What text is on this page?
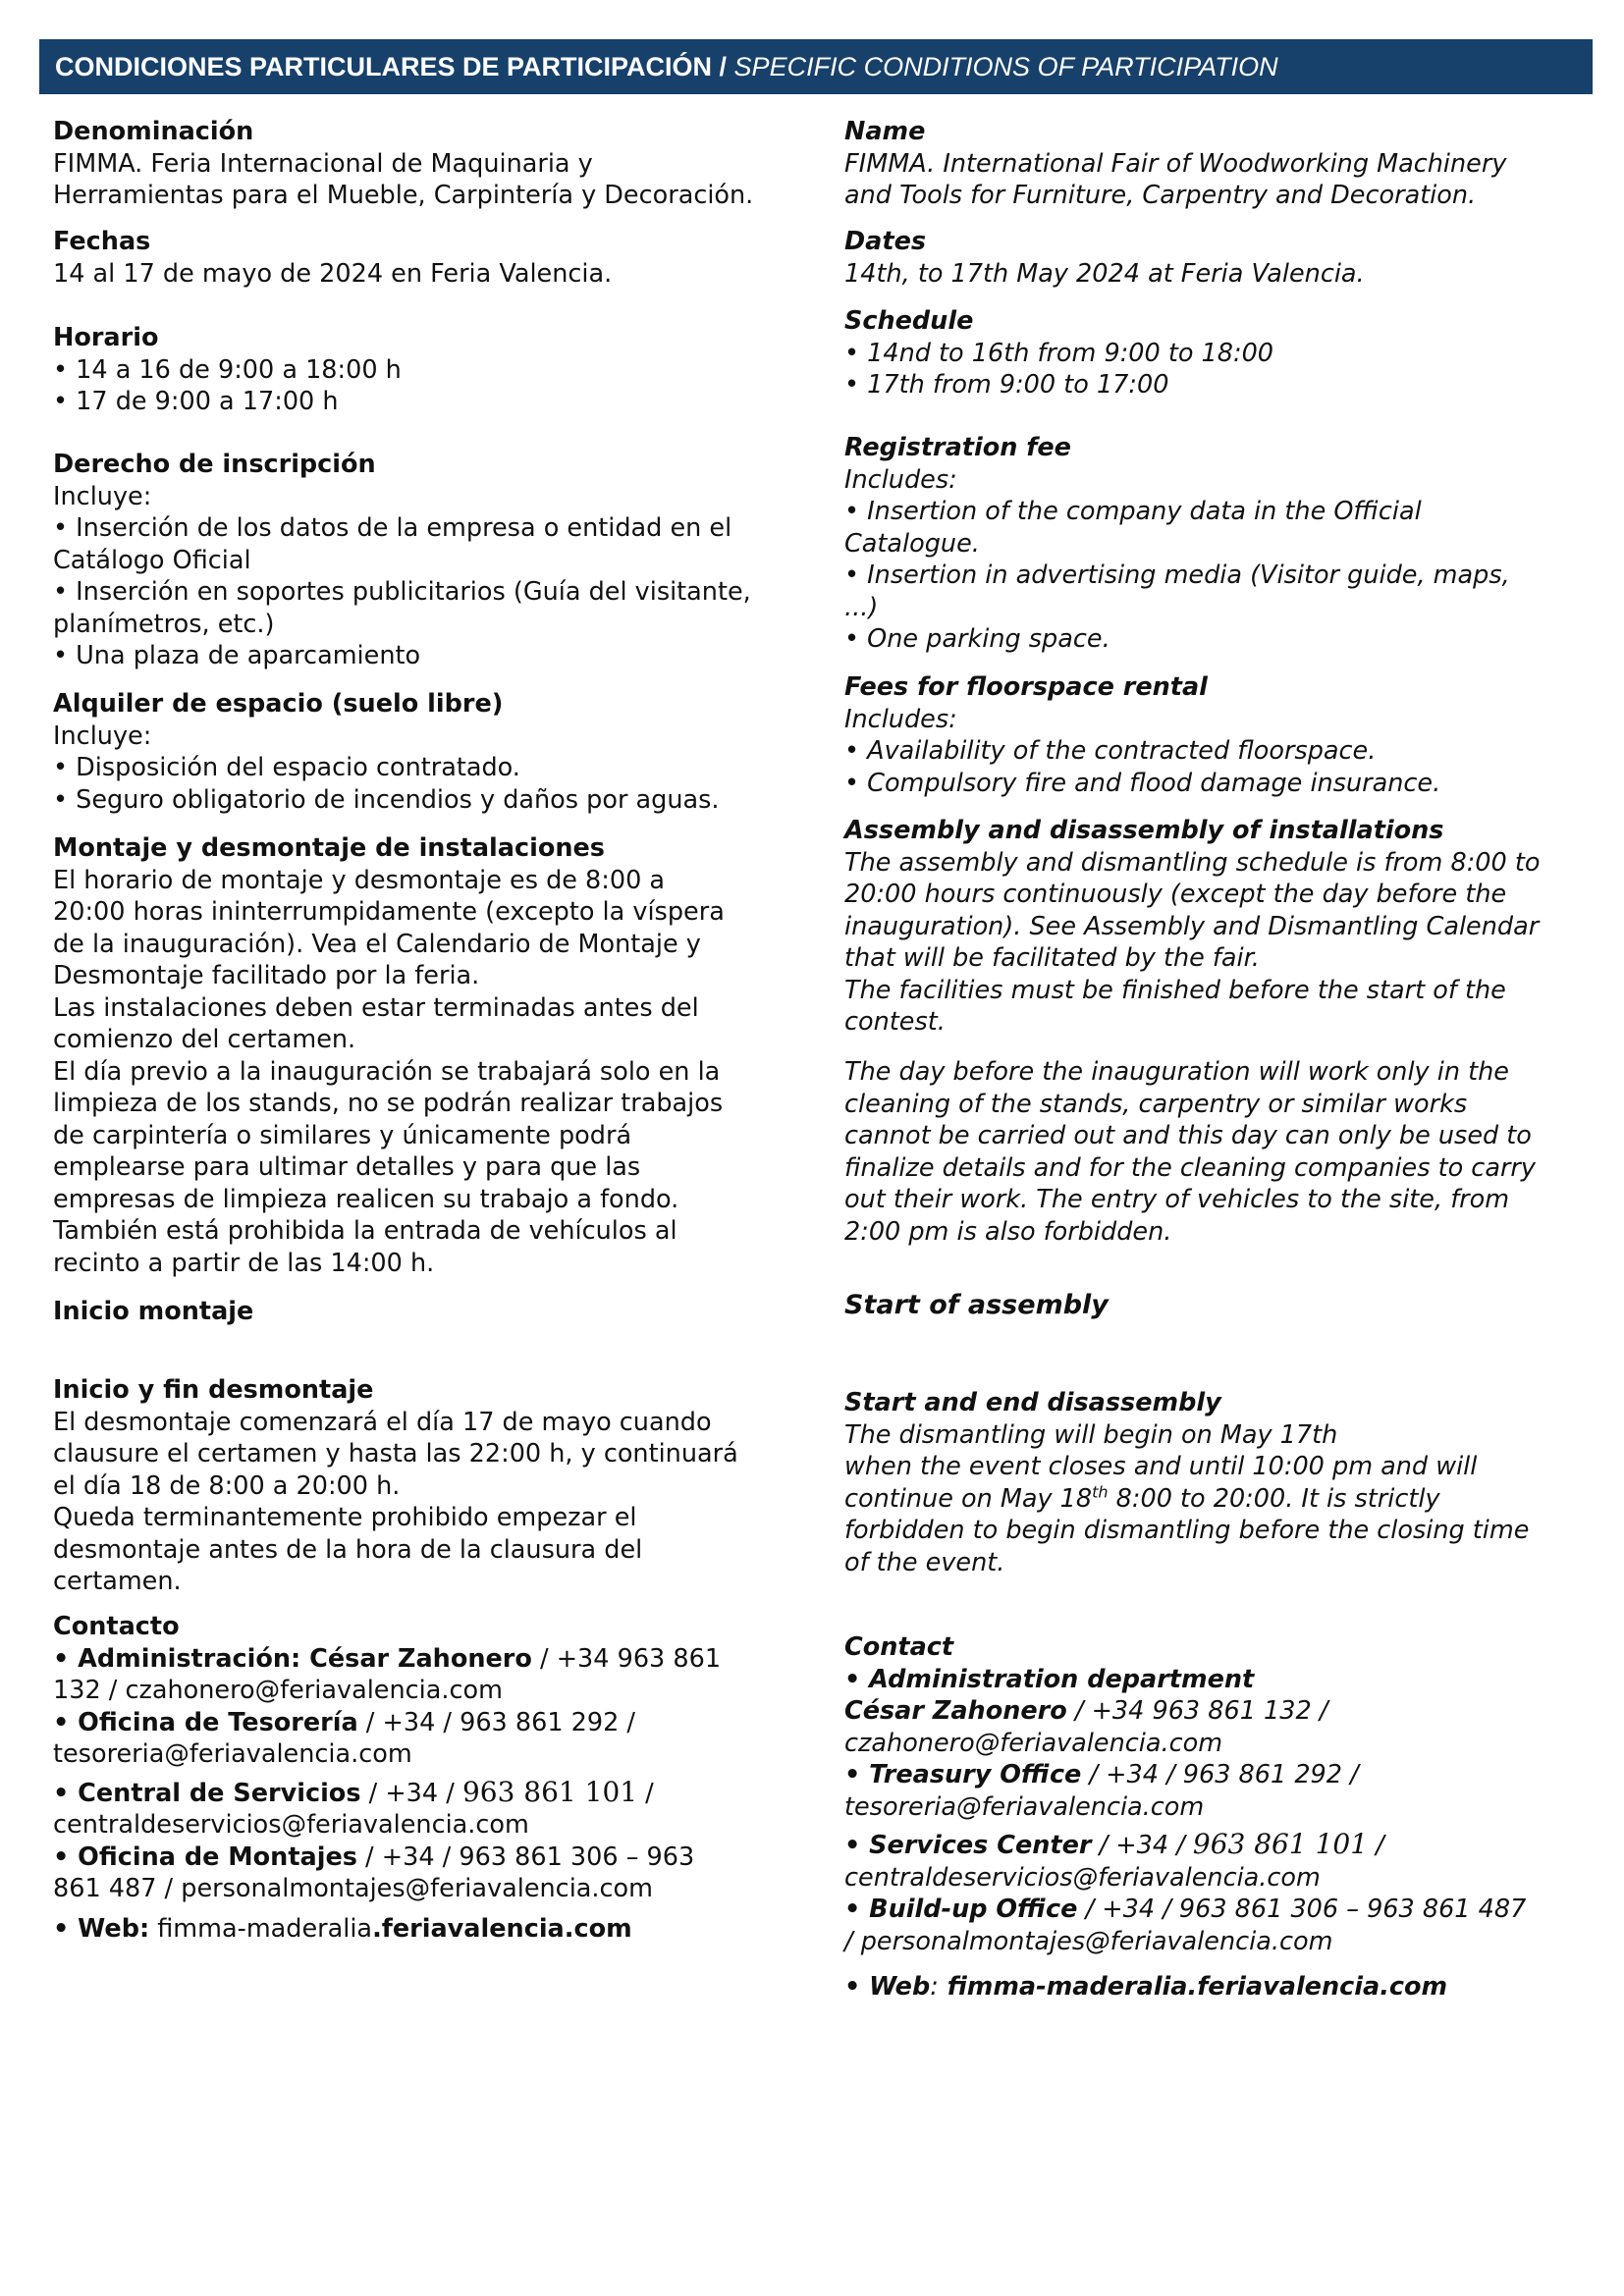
CONDICIONES PARTICULARES DE PARTICIPACIÓN /
SPECIFIC CONDITIONS OF PARTICIPATION
Denominación
FIMMA. Feria Internacional de Maquinaria y
Herramientas para el Mueble, Carpintería y Decoración.
Fechas
14 al 17 de mayo de 2024 en Feria Valencia.
Horario
• 14 a 16 de 9:00 a 18:00 h
• 17 de 9:00 a 17:00 h
Derecho de inscripción
Incluye:
• Inserción de los datos de la empresa o entidad en el
Catálogo Oficial
• Inserción en soportes publicitarios (Guía del visitante,
planímetros, etc.)
• Una plaza de aparcamiento
Alquiler de espacio (suelo libre)
Incluye:
• Disposición del espacio contratado.
• Seguro obligatorio de incendios y daños por aguas.
Montaje y desmontaje de instalaciones
El horario de montaje y desmontaje es de 8:00 a
20:00 horas ininterrumpidamente (excepto la víspera
de la inauguración). Vea el Calendario de Montaje y
Desmontaje facilitado por la feria.
Las instalaciones deben estar terminadas antes del
comienzo del certamen.
El día previo a la inauguración se trabajará solo en la
limpieza de los stands, no se podrán realizar trabajos
de carpintería o similares y únicamente podrá
emplearse para ultimar detalles y para que las
empresas de limpieza realicen su trabajo a fondo.
También está prohibida la entrada de vehículos al
recinto a partir de las 14:00 h.
Inicio montaje
Inicio y fin desmontaje
El desmontaje comenzará el día 17 de mayo cuando
clausure el certamen y hasta las 22:00 h, y continuará
el día 18 de 8:00 a 20:00 h.
Queda terminantemente prohibido empezar el
desmontaje antes de la hora de la clausura del
certamen.
Contacto
• Administración: César Zahonero / +34 963 861
132 / czahonero@feriavalencia.com
• Oficina de Tesorería / +34 / 963 861 292 /
tesoreria@feriavalencia.com
• Central de Servicios / +34 / 963 861 101 /
centraldeservicios@feriavalencia.com
• Oficina de Montajes / +34 / 963 861 306 – 963
861 487 / personalmontajes@feriavalencia.com
• Web: fimma-maderalia.feriavalencia.com
Name
FIMMA. International Fair of Woodworking Machinery
and Tools for Furniture, Carpentry and Decoration.
Dates
14th, to 17th May 2024 at Feria Valencia.
Schedule
• 14nd to 16th from 9:00 to 18:00
• 17th from 9:00 to 17:00
Registration fee
Includes:
• Insertion of the company data in the Official
Catalogue.
• Insertion in advertising media (Visitor guide, maps,
...)
• One parking space.
Fees for floorspace rental
Includes:
• Availability of the contracted floorspace.
• Compulsory fire and flood damage insurance.
Assembly and disassembly of installations
The assembly and dismantling schedule is from 8:00 to
20:00 hours continuously (except the day before the
inauguration). See Assembly and Dismantling Calendar
that will be facilitated by the fair.
The facilities must be finished before the start of the
contest.
The day before the inauguration will work only in the
cleaning of the stands, carpentry or similar works
cannot be carried out and this day can only be used to
finalize details and for the cleaning companies to carry
out their work. The entry of vehicles to the site, from
2:00 pm is also forbidden.
Start of assembly
Start and end disassembly
The dismantling will begin on May 17th
when the event closes and until 10:00 pm and will
continue on May 18th 8:00 to 20:00. It is strictly
forbidden to begin dismantling before the closing time
of the event.
Contact
• Administration department
César Zahonero / +34 963 861 132 /
czahonero@feriavalencia.com
• Treasury Office / +34 / 963 861 292 /
tesoreria@feriavalencia.com
• Services Center / +34 / 963 861 101 /
centraldeservicios@feriavalencia.com
• Build-up Office / +34 / 963 861 306 – 963 861 487
/ personalmontajes@feriavalencia.com
• Web: fimma-maderalia.feriavalencia.com
